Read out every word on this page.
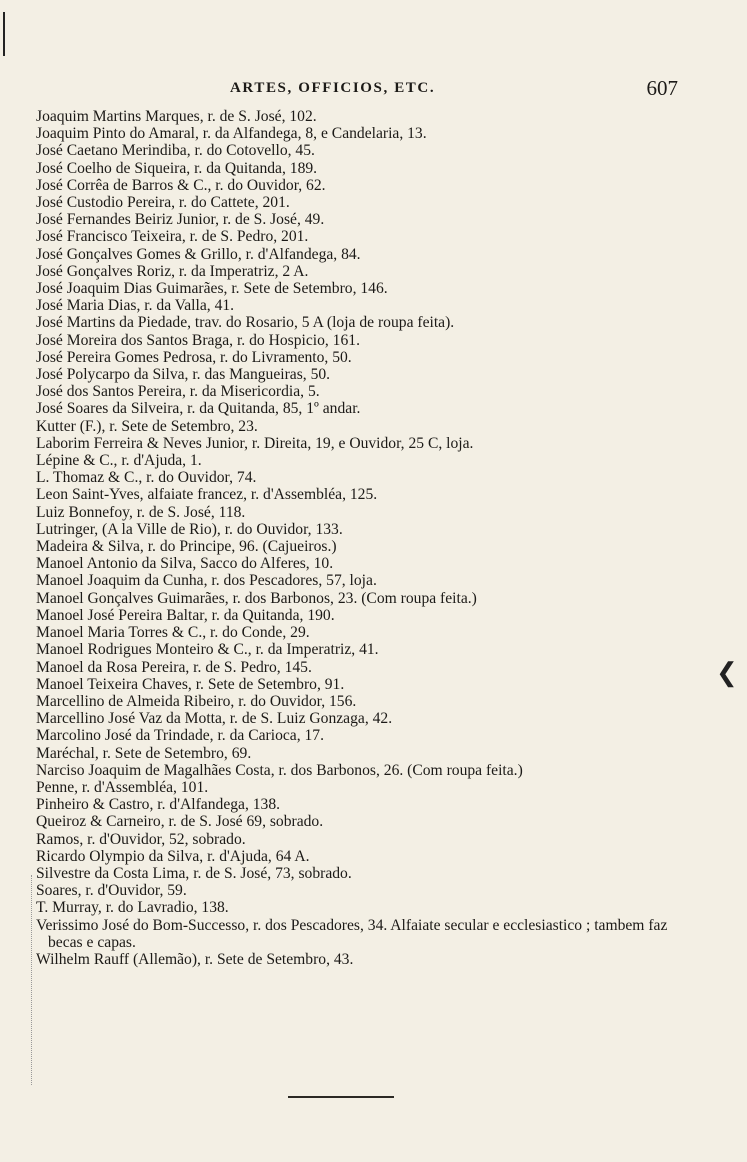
ARTES, OFFICIOS, ETC.	607
Joaquim Martins Marques, r. de S. José, 102.
Joaquim Pinto do Amaral, r. da Alfandega, 8, e Candelaria, 13.
José Caetano Merindiba, r. do Cotovello, 45.
José Coelho de Siqueira, r. da Quitanda, 189.
José Corrêa de Barros & C., r. do Ouvidor, 62.
José Custodio Pereira, r. do Cattete, 201.
José Fernandes Beiriz Junior, r. de S. José, 49.
José Francisco Teixeira, r. de S. Pedro, 201.
José Gonçalves Gomes & Grillo, r. d'Alfandega, 84.
José Gonçalves Roriz, r. da Imperatriz, 2 A.
José Joaquim Dias Guimarães, r. Sete de Setembro, 146.
José Maria Dias, r. da Valla, 41.
José Martins da Piedade, trav. do Rosario, 5 A (loja de roupa feita).
José Moreira dos Santos Braga, r. do Hospicio, 161.
José Pereira Gomes Pedrosa, r. do Livramento, 50.
José Polycarpo da Silva, r. das Mangueiras, 50.
José dos Santos Pereira, r. da Misericordia, 5.
José Soares da Silveira, r. da Quitanda, 85, 1º andar.
Kutter (F.), r. Sete de Setembro, 23.
Laborim Ferreira & Neves Junior, r. Direita, 19, e Ouvidor, 25 C, loja.
Lépine & C., r. d'Ajuda, 1.
L. Thomaz & C., r. do Ouvidor, 74.
Leon Saint-Yves, alfaiate francez, r. d'Assembléa, 125.
Luiz Bonnefoy, r. de S. José, 118.
Lutringer, (A la Ville de Rio), r. do Ouvidor, 133.
Madeira & Silva, r. do Principe, 96. (Cajueiros.)
Manoel Antonio da Silva, Sacco do Alferes, 10.
Manoel Joaquim da Cunha, r. dos Pescadores, 57, loja.
Manoel Gonçalves Guimarães, r. dos Barbonos, 23. (Com roupa feita.)
Manoel José Pereira Baltar, r. da Quitanda, 190.
Manoel Maria Torres & C., r. do Conde, 29.
Manoel Rodrigues Monteiro & C., r. da Imperatriz, 41.
Manoel da Rosa Pereira, r. de S. Pedro, 145.
Manoel Teixeira Chaves, r. Sete de Setembro, 91.
Marcellino de Almeida Ribeiro, r. do Ouvidor, 156.
Marcellino José Vaz da Motta, r. de S. Luiz Gonzaga, 42.
Marcolino José da Trindade, r. da Carioca, 17.
Maréchal, r. Sete de Setembro, 69.
Narciso Joaquim de Magalhães Costa, r. dos Barbonos, 26. (Com roupa feita.)
Penne, r. d'Assembléa, 101.
Pinheiro & Castro, r. d'Alfandega, 138.
Queiroz & Carneiro, r. de S. José 69, sobrado.
Ramos, r. d'Ouvidor, 52, sobrado.
Ricardo Olympio da Silva, r. d'Ajuda, 64 A.
Silvestre da Costa Lima, r. de S. José, 73, sobrado.
Soares, r. d'Ouvidor, 59.
T. Murray, r. do Lavradio, 138.
Verissimo José do Bom-Successo, r. dos Pescadores, 34. Alfaiate secular e ecclesiastico ; tambem faz becas e capas.
Wilhelm Rauff (Allemão), r. Sete de Setembro, 43.
❮
